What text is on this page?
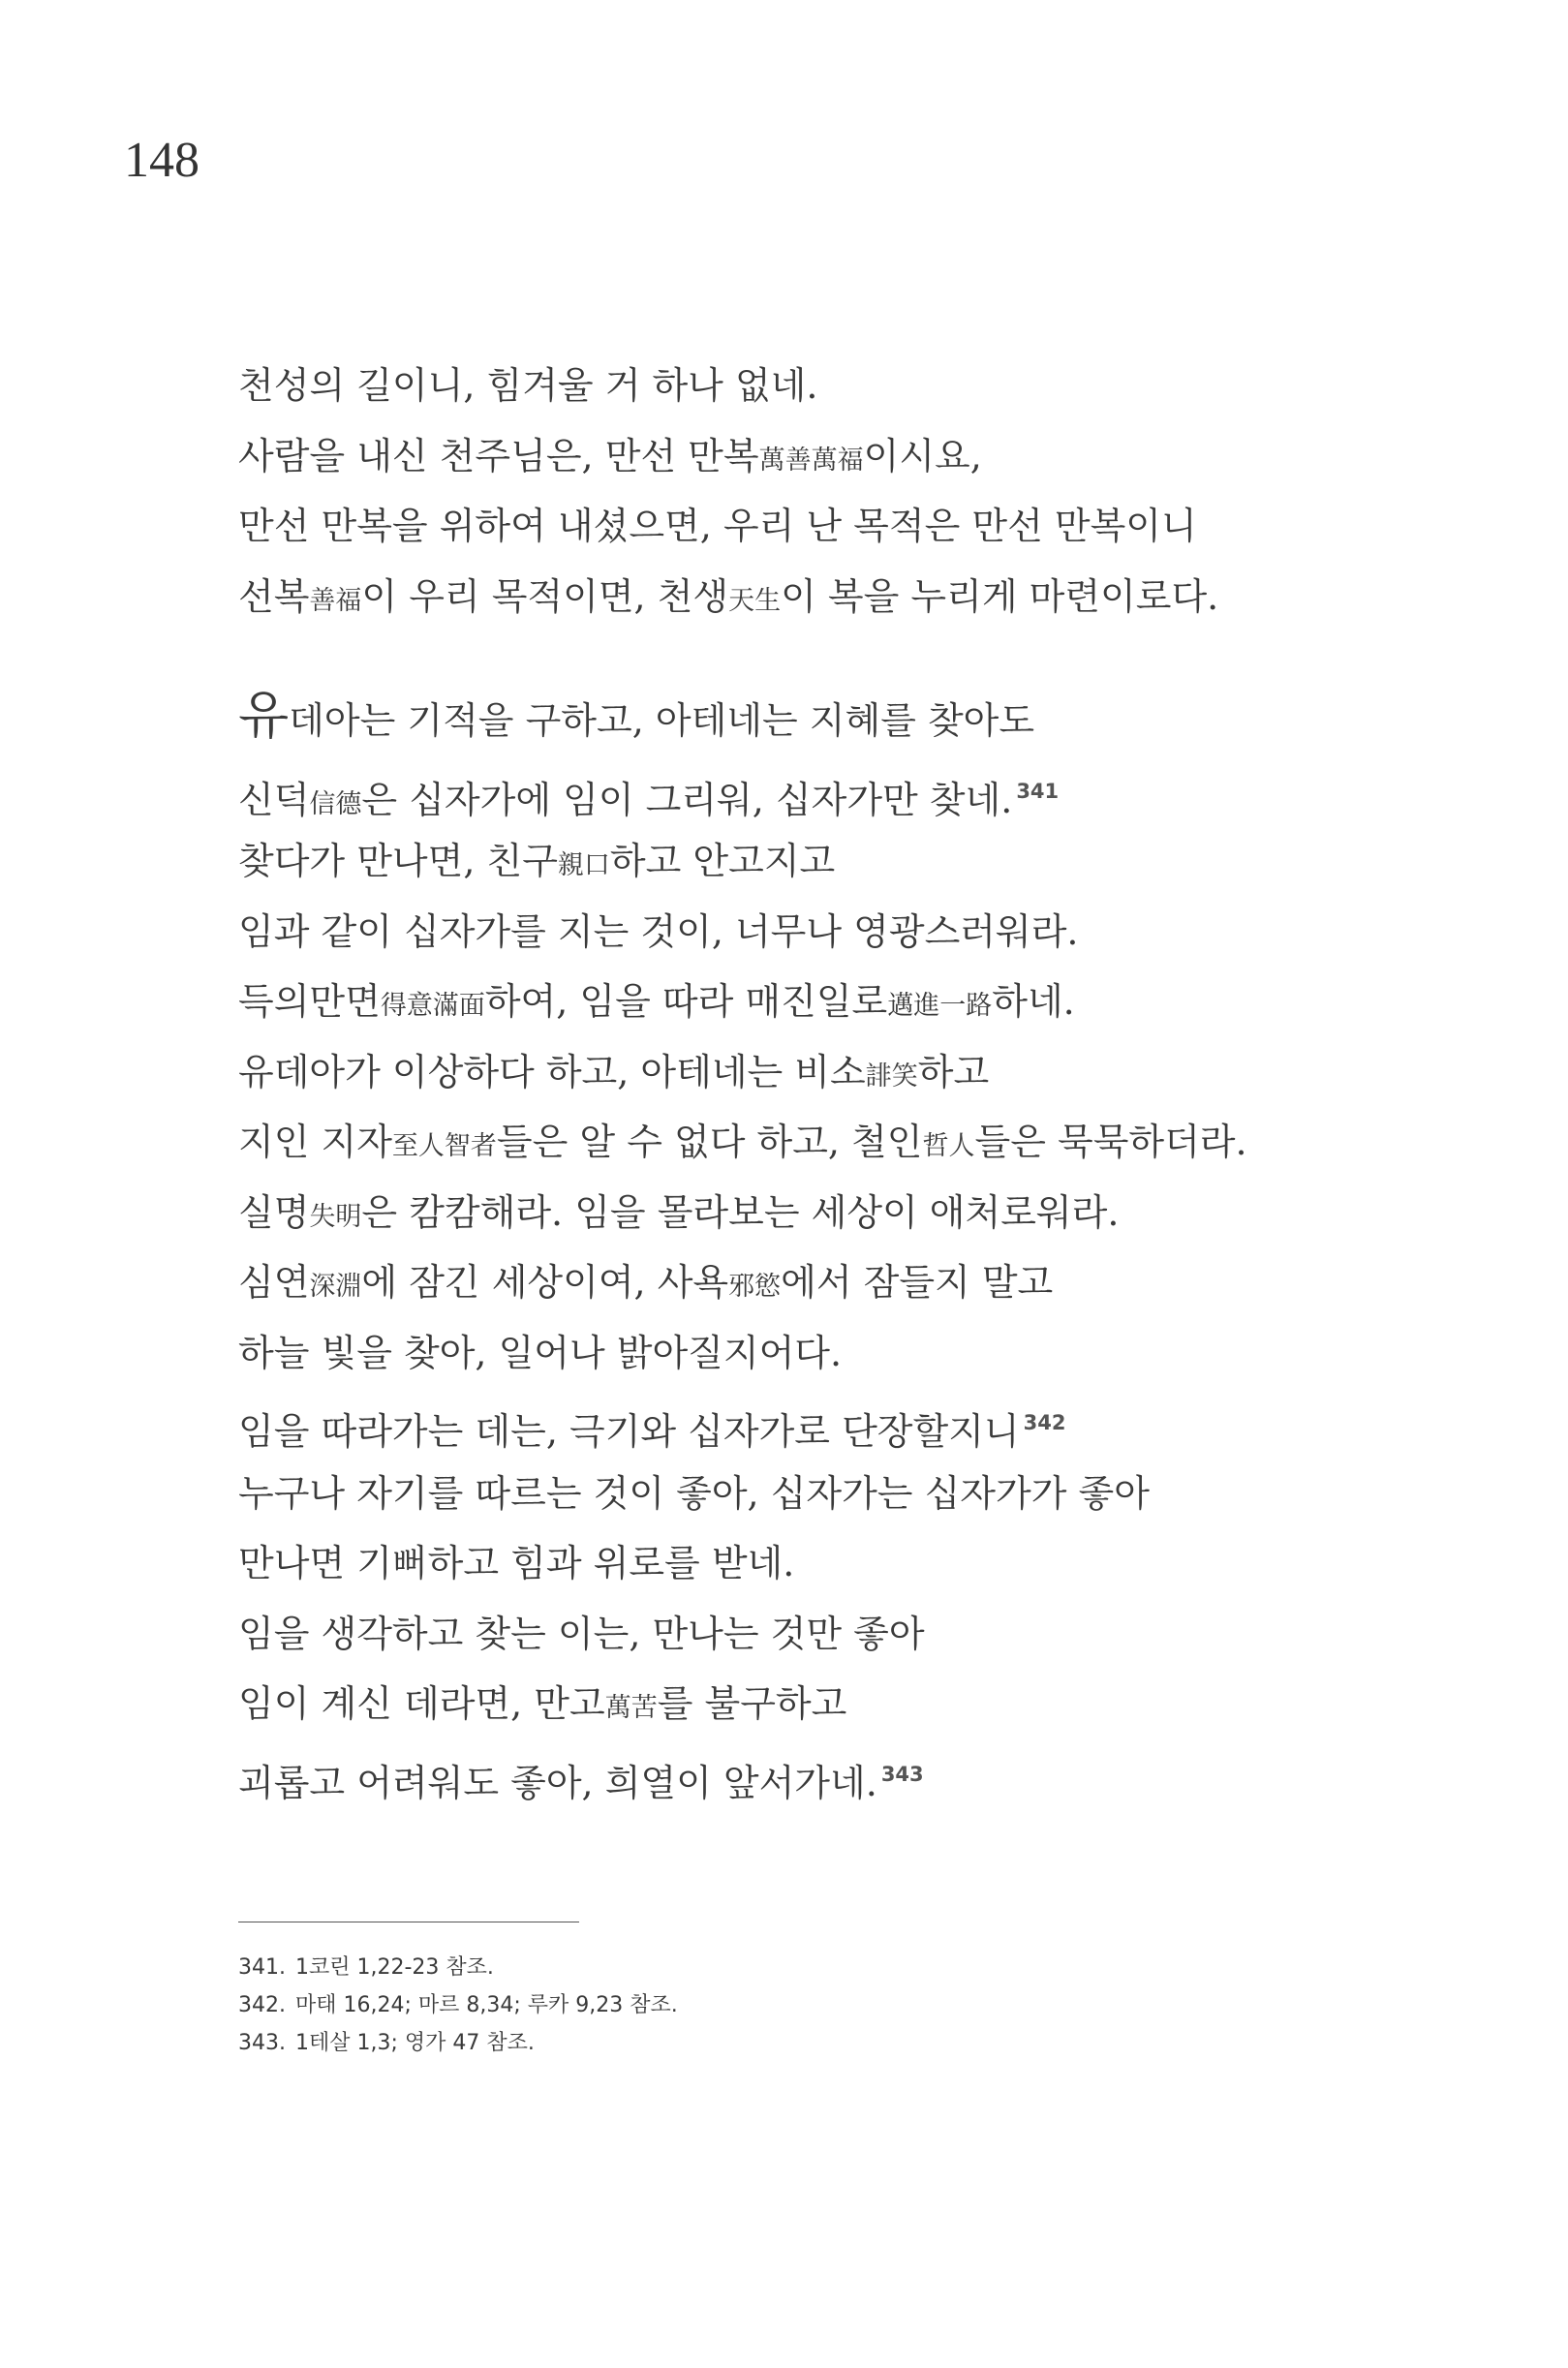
148
천성의 길이니, 힘겨울 거 하나 없네.
사람을 내신 천주님은, 만선 만복萬善萬福이시요,
만선 만복을 위하여 내셨으면, 우리 난 목적은 만선 만복이니
선복善福이 우리 목적이면, 천생天生이 복을 누리게 마련이로다.
유데아는 기적을 구하고, 아테네는 지혜를 찾아도
신덕信德은 십자가에 임이 그리워, 십자가만 찾네. $^{341}$
찾다가 만나면, 친구親口하고 안고지고
임과 같이 십자가를 지는 것이, 너무나 영광스러워라.
득의만면得意滿面하여, 임을 따라 매진일로邁進一路하네.
유데아가 이상하다 하고, 아테네는 비소誹笑하고
지인 지자至人智者들은 알 수 없다 하고, 철인哲人들은 묵묵하더라.
실명失明은 캄캄해라. 임을 몰라보는 세상이 애처로워라.
심연深淵에 잠긴 세상이여, 사욕邪慾에서 잠들지 말고
하늘 빛을 찾아, 일어나 밝아질지어다.
임을 따라가는 데는, 극기와 십자가로 단장할지니 $^{342}$
누구나 자기를 따르는 것이 좋아, 십자가는 십자가가 좋아
만나면 기뻐하고 힘과 위로를 받네.
임을 생각하고 찾는 이는, 만나는 것만 좋아
임이 계신 데라면, 만고萬苦를 불구하고
괴롭고 어려워도 좋아, 희열이 앞서가네. $^{343}$
341. 1코린 1,22-23 참조.
342. 마태 16,24; 마르 8,34; 루카 9,23 참조.
343. 1테살 1,3; 영가 47 참조.
